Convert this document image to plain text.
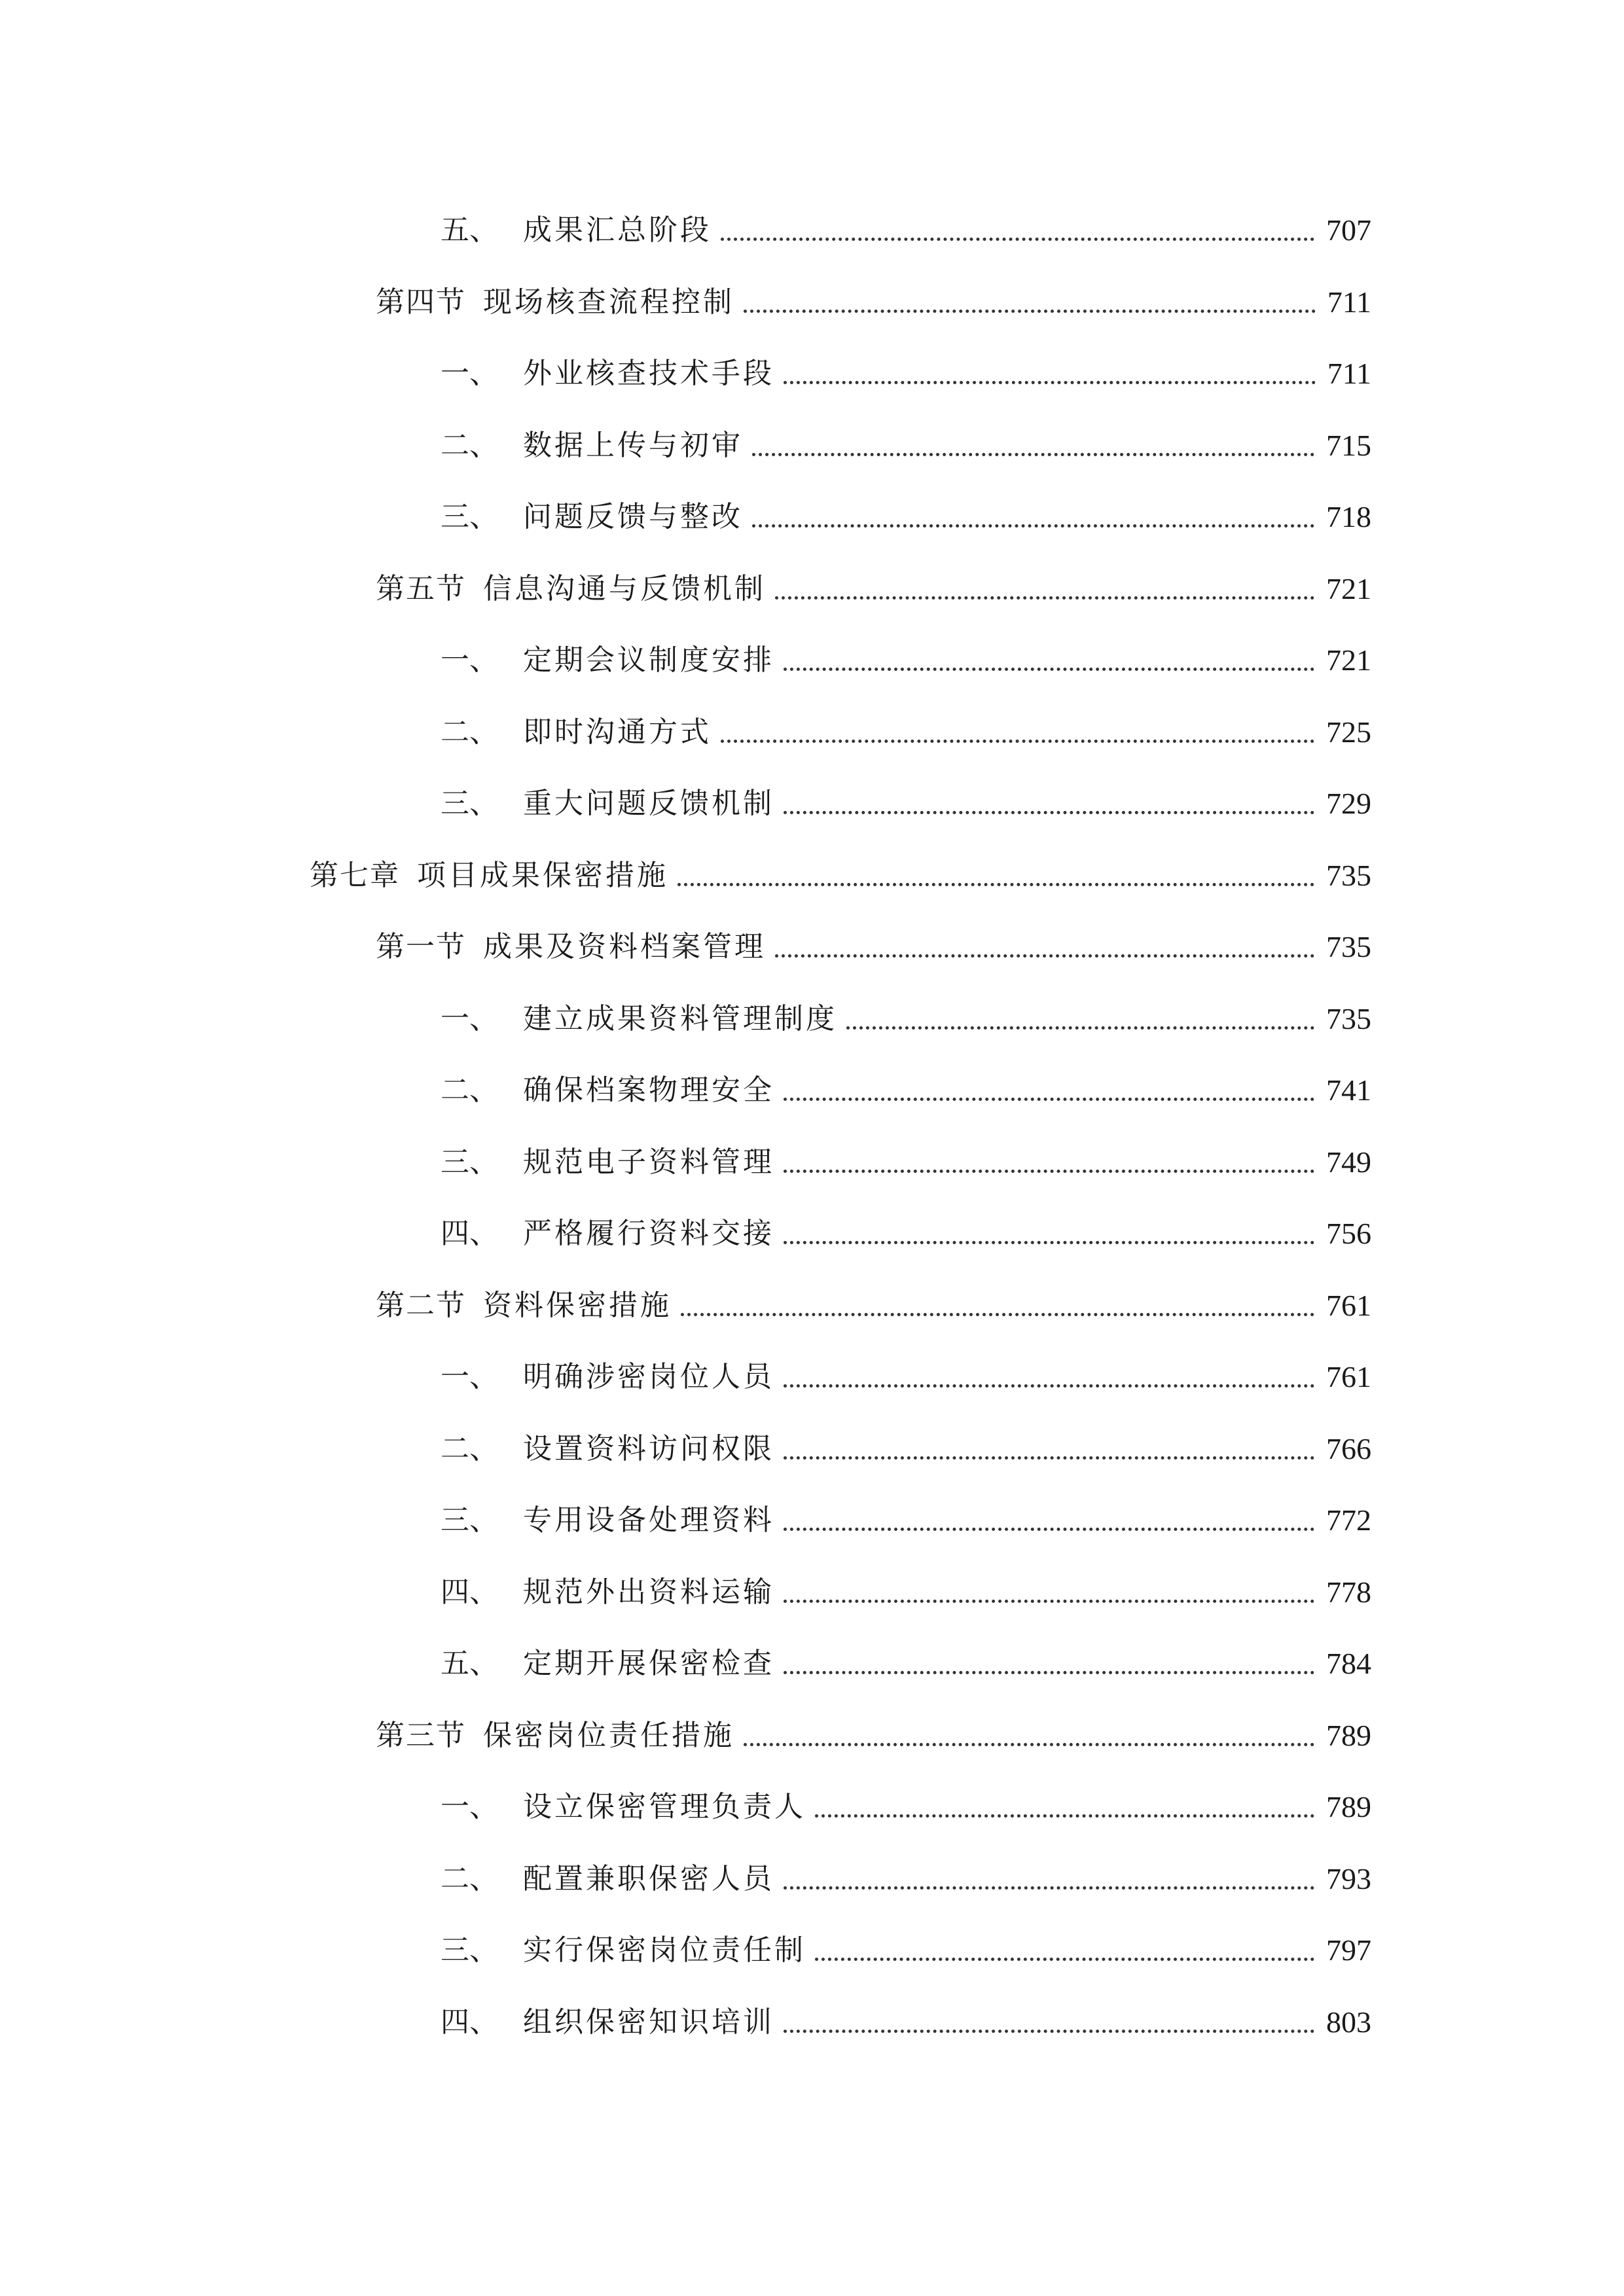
五、 成果汇总阶段	707
第四节 现场核查流程控制	711
一、 外业核查技术手段	711
二、 数据上传与初审	715
三、 问题反馈与整改	718
第五节 信息沟通与反馈机制	721
一、 定期会议制度安排	721
二、 即时沟通方式	725
三、 重大问题反馈机制	729
第七章 项目成果保密措施	735
第一节 成果及资料档案管理	735
一、 建立成果资料管理制度	735
二、 确保档案物理安全	741
三、 规范电子资料管理	749
四、 严格履行资料交接	756
第二节 资料保密措施	761
一、 明确涉密岗位人员	761
二、 设置资料访问权限	766
三、 专用设备处理资料	772
四、 规范外出资料运输	778
五、 定期开展保密检查	784
第三节 保密岗位责任措施	789
一、 设立保密管理负责人	789
二、 配置兼职保密人员	793
三、 实行保密岗位责任制	797
四、 组织保密知识培训	803
